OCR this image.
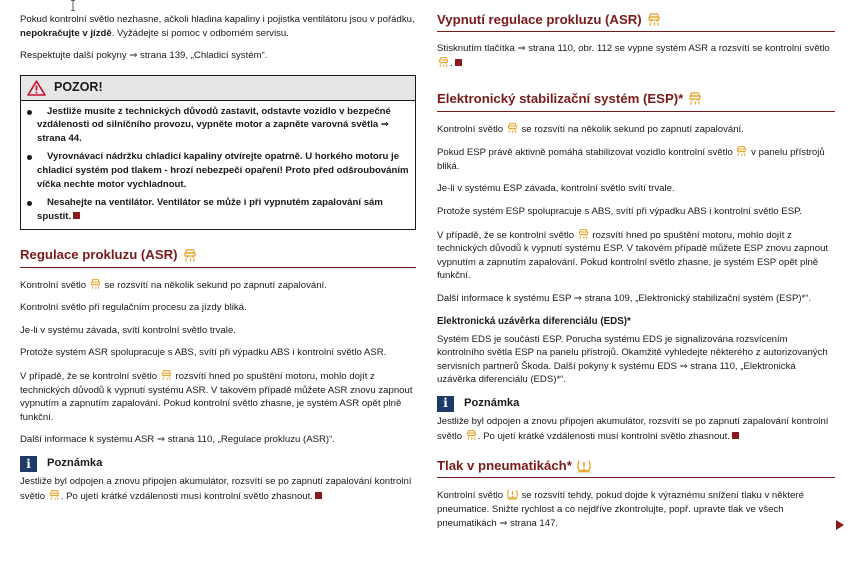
Pokud kontrolní světlo nezhasne, ačkoli hladina kapaliny i pojistka ventilátoru jsou v pořádku, nepokračujte v jízdě. Vyžádejte si pomoc v odborném servisu.

Respektujte další pokyny ⇒ strana 139, „Chladicí systém“.

POZOR!
Jestliže musíte z technických důvodů zastavit, odstavte vozidlo v bezpečné vzdálenosti od silničního provozu, vypněte motor a zapněte varovná světla ⇒ strana 44.
Vyrovnávací nádržku chladicí kapaliny otvírejte opatrně. U horkého motoru je chladicí systém pod tlakem - hrozí nebezpečí opaření! Proto před odšroubováním víčka nechte motor vychladnout.
Nesahejte na ventilátor. Ventilátor se může i při vypnutém zapalování sám spustit.
Regulace prokluzu (ASR)

Kontrolní světlo se rozsvítí na několik sekund po zapnutí zapalování.

Kontrolní světlo při regulačním procesu za jízdy bliká.

Je-li v systému závada, svítí kontrolní světlo trvale.

Protože systém ASR spolupracuje s ABS, svítí při výpadku ABS i kontrolní světlo ASR.

V případě, že se kontrolní světlo rozsvítí hned po spuštění motoru, mohlo dojít z technických důvodů k vypnutí systému ASR. V takovém případě můžete ASR znovu zapnout vypnutím a zapnutím zapalování. Pokud kontrolní světlo zhasne, je systém ASR opět plně funkční.

Další informace k systému ASR ⇒ strana 110, „Regulace prokluzu (ASR)“.

i	Poznámka

Jestliže byl odpojen a znovu připojen akumulátor, rozsvítí se po zapnutí zapalování kontrolní světlo . Po ujetí krátké vzdálenosti musí kontrolní světlo zhasnout.

Vypnutí regulace prokluzu (ASR)

Stisknutím tlačítka ⇒ strana 110, obr. 112 se vypne systém ASR a rozsvítí se kontrolní světlo .

Elektronický stabilizační systém (ESP)*

Kontrolní světlo se rozsvítí na několik sekund po zapnutí zapalování.

Pokud ESP právě aktivně pomáhá stabilizovat vozidlo kontrolní světlo v panelu přístrojů bliká.

Je-li v systému ESP závada, kontrolní světlo svítí trvale.

Protože systém ESP spolupracuje s ABS, svítí při výpadku ABS i kontrolní světlo ESP.

V případě, že se kontrolní světlo rozsvítí hned po spuštění motoru, mohlo dojít z technických důvodů k vypnutí systému ESP. V takovém případě můžete ESP znovu zapnout vypnutím a zapnutím zapalování. Pokud kontrolní světlo zhasne, je systém ESP opět plně funkční.

Další informace k systému ESP ⇒ strana 109, „Elektronický stabilizační systém (ESP)*“.

Elektronická uzávěrka diferenciálu (EDS)*

Systém EDS je součástí ESP. Porucha systému EDS je signalizována rozsvícením kontrolního světla ESP na panelu přístrojů. Okamžitě vyhledejte některého z autorizovaných servisních partnerů Škoda. Další pokyny k systému EDS ⇒ strana 110, „Elektronická uzávěrka diferenciálu (EDS)*“.

i	Poznámka

Jestliže byl odpojen a znovu připojen akumulátor, rozsvítí se po zapnutí zapalování kontrolní světlo . Po ujetí krátké vzdálenosti musí kontrolní světlo zhasnout.

Tlak v pneumatikách*

Kontrolní světlo se rozsvítí tehdy, pokud dojde k výraznému snížení tlaku v některé pneumatice. Snižte rychlost a co nejdříve zkontrolujte, popř. upravte tlak ve všech pneumatikách ⇒ strana 147.
